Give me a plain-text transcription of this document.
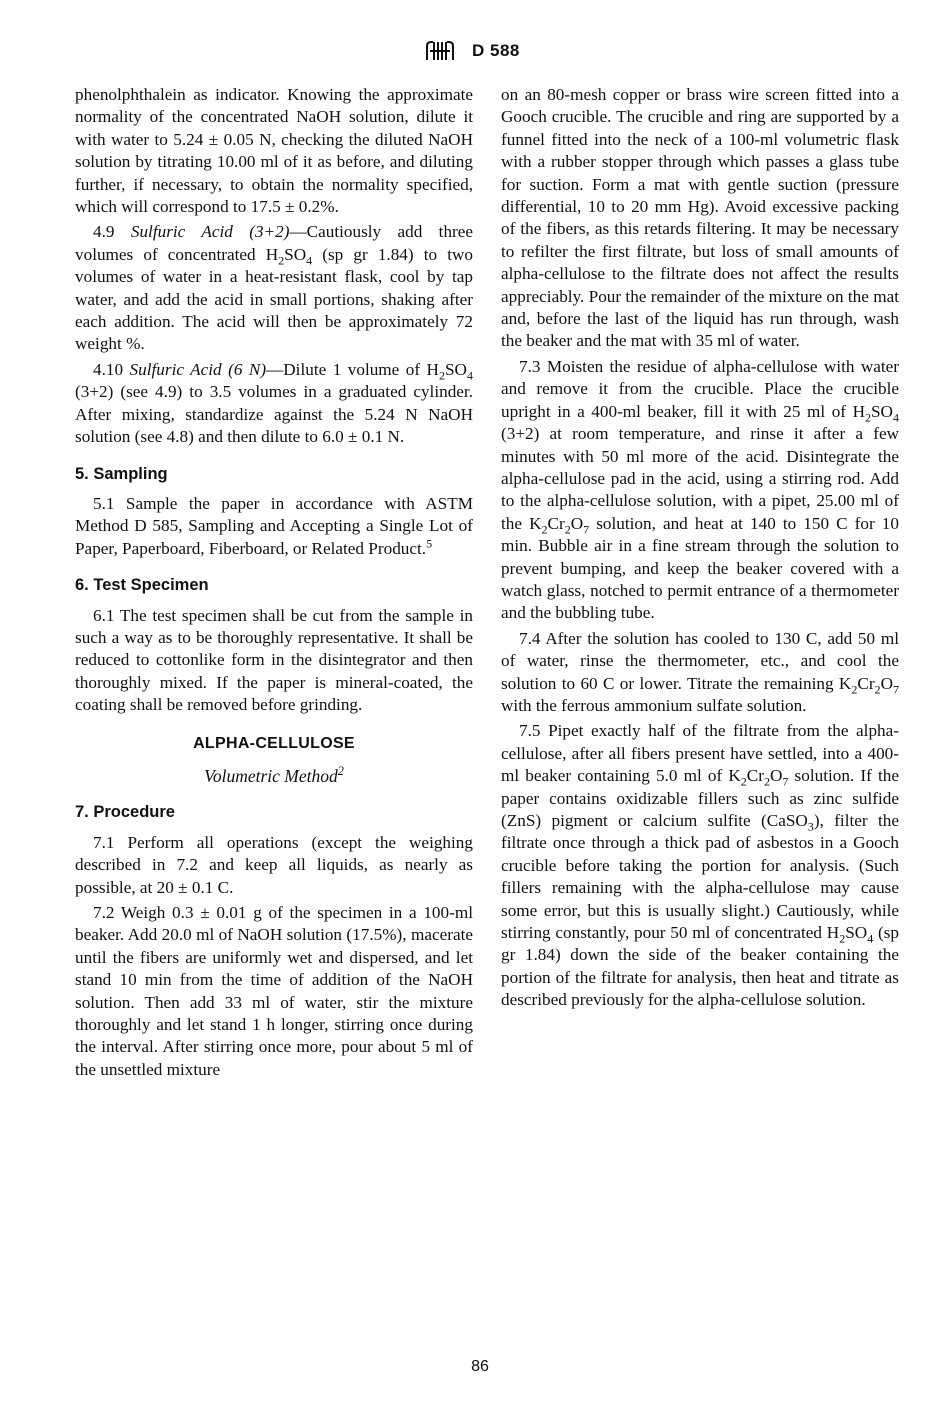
D 588

phenolphthalein as indicator. Knowing the approximate normality of the concentrated NaOH solution, dilute it with water to 5.24 ± 0.05 N, checking the diluted NaOH solution by titrating 10.00 ml of it as before, and diluting further, if necessary, to obtain the normality specified, which will correspond to 17.5 ± 0.2%.

4.9 Sulfuric Acid (3+2)—Cautiously add three volumes of concentrated $H_2SO_4$ (sp gr 1.84) to two volumes of water in a heat-resistant flask, cool by tap water, and add the acid in small portions, shaking after each addition. The acid will then be approximately 72 weight %.

4.10 Sulfuric Acid (6 N)—Dilute 1 volume of $H_2SO_4$ (3+2) (see 4.9) to 3.5 volumes in a graduated cylinder. After mixing, standardize against the 5.24 N NaOH solution (see 4.8) and then dilute to 6.0 ± 0.1 N.

5. Sampling

5.1 Sample the paper in accordance with ASTM Method D 585, Sampling and Accepting a Single Lot of Paper, Paperboard, Fiberboard, or Related Product.$^5$

6. Test Specimen

6.1 The test specimen shall be cut from the sample in such a way as to be thoroughly representative. It shall be reduced to cottonlike form in the disintegrator and then thoroughly mixed. If the paper is mineral-coated, the coating shall be removed before grinding.

ALPHA-CELLULOSE
Volumetric Method$^2$
7. Procedure

7.1 Perform all operations (except the weighing described in 7.2 and keep all liquids, as nearly as possible, at 20 ± 0.1 C.

7.2 Weigh 0.3 ± 0.01 g of the specimen in a 100-ml beaker. Add 20.0 ml of NaOH solution (17.5%), macerate until the fibers are uniformly wet and dispersed, and let stand 10 min from the time of addition of the NaOH solution. Then add 33 ml of water, stir the mixture thoroughly and let stand 1 h longer, stirring once during the interval. After stirring once more, pour about 5 ml of the unsettled mixture

on an 80-mesh copper or brass wire screen fitted into a Gooch crucible. The crucible and ring are supported by a funnel fitted into the neck of a 100-ml volumetric flask with a rubber stopper through which passes a glass tube for suction. Form a mat with gentle suction (pressure differential, 10 to 20 mm Hg). Avoid excessive packing of the fibers, as this retards filtering. It may be necessary to refilter the first filtrate, but loss of small amounts of alpha-cellulose to the filtrate does not affect the results appreciably. Pour the remainder of the mixture on the mat and, before the last of the liquid has run through, wash the beaker and the mat with 35 ml of water.

7.3 Moisten the residue of alpha-cellulose with water and remove it from the crucible. Place the crucible upright in a 400-ml beaker, fill it with 25 ml of $H_2SO_4$ (3+2) at room temperature, and rinse it after a few minutes with 50 ml more of the acid. Disintegrate the alpha-cellulose pad in the acid, using a stirring rod. Add to the alpha-cellulose solution, with a pipet, 25.00 ml of the $K_2Cr_2O_7$ solution, and heat at 140 to 150 C for 10 min. Bubble air in a fine stream through the solution to prevent bumping, and keep the beaker covered with a watch glass, notched to permit entrance of a thermometer and the bubbling tube.

7.4 After the solution has cooled to 130 C, add 50 ml of water, rinse the thermometer, etc., and cool the solution to 60 C or lower. Titrate the remaining $K_2Cr_2O_7$ with the ferrous ammonium sulfate solution.

7.5 Pipet exactly half of the filtrate from the alpha-cellulose, after all fibers present have settled, into a 400-ml beaker containing 5.0 ml of $K_2Cr_2O_7$ solution. If the paper contains oxidizable fillers such as zinc sulfide (ZnS) pigment or calcium sulfite (CaSO$_3$), filter the filtrate once through a thick pad of asbestos in a Gooch crucible before taking the portion for analysis. (Such fillers remaining with the alpha-cellulose may cause some error, but this is usually slight.) Cautiously, while stirring constantly, pour 50 ml of concentrated $H_2SO_4$ (sp gr 1.84) down the side of the beaker containing the portion of the filtrate for analysis, then heat and titrate as described previously for the alpha-cellulose solution.

86
